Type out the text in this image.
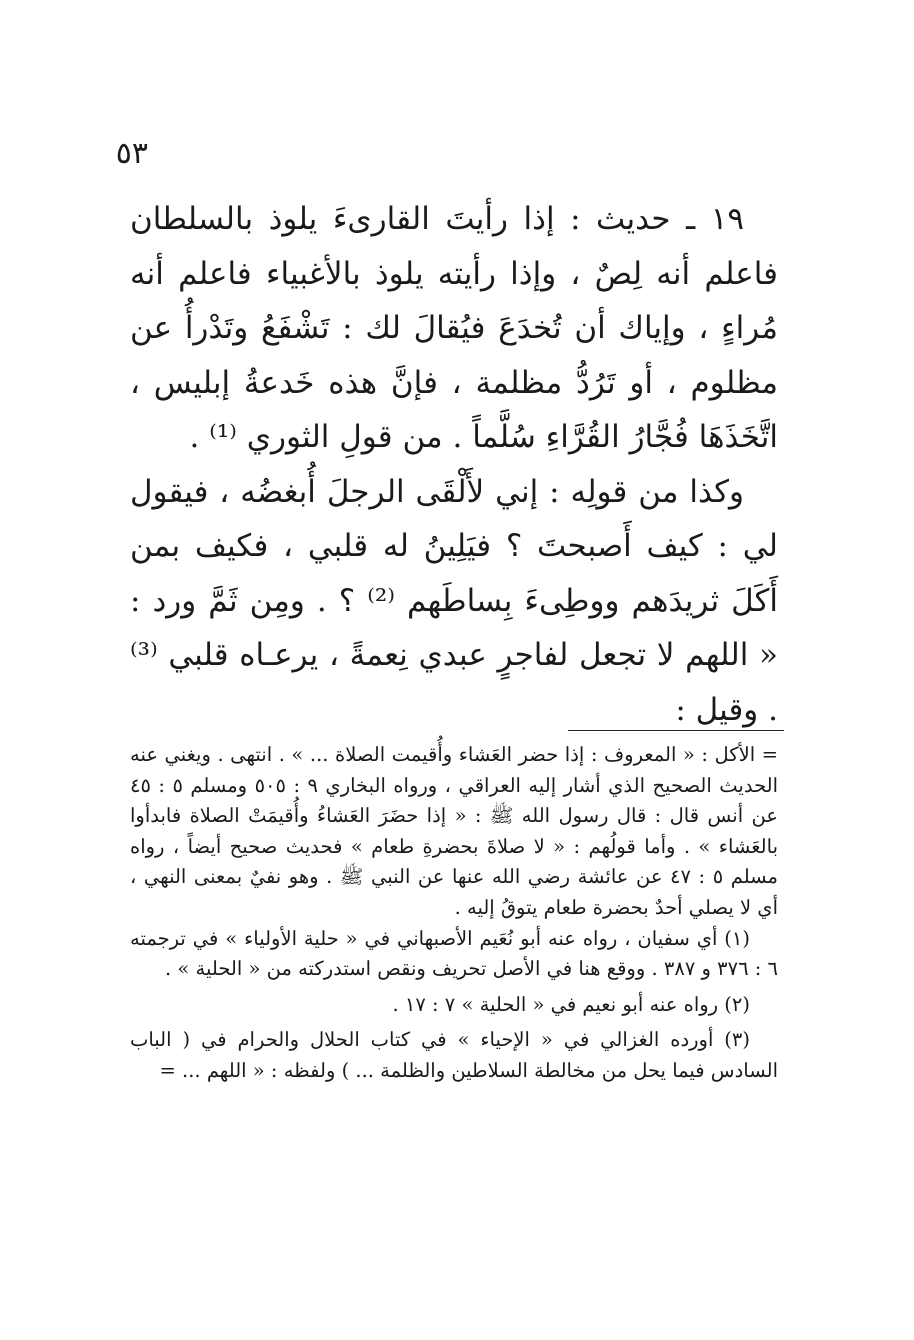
٥٣

١٩ ـ حديث : إذا رأيتَ القارىءَ يلوذ بالسلطان فاعلم أنه لِصٌ ، وإذا رأيته يلوذ بالأغبياء فاعلم أنه مُراءٍ ، وإياك أن تُخدَعَ فيُقالَ لك : تَشْفَعُ وتَدْرأُ عن مظلوم ، أو تَرُدُّ مظلمة ، فإنَّ هذه خَدعةُ إبليس ، اتَّخَذَهَا فُجَّارُ القُرَّاءِ سُلَّماً . من قولِ الثوري ⁽¹⁾ .

وكذا من قولِه : إني لأَلْقَى الرجلَ أُبغضُه ، فيقول لي : كيف أَصبحتَ ؟ فيَلِينُ له قلبي ، فكيف بمن أَكَلَ ثريدَهم ووطِىءَ بِساطَهم ⁽²⁾ ؟ . ومِن ثَمَّ ورد : « اللهم لا تجعل لفاجرٍ عبدي نِعمةً ، يرعـاه قلبي ⁽³⁾ . وقيل :

= الأكل : « المعروف : إذا حضر العَشاء وأُقيمت الصلاة ... » . انتهى . ويغني عنه الحديث الصحيح الذي أشار إليه العراقي ، ورواه البخاري ٩ : ٥٠٥ ومسلم ٥ : ٤٥ عن أنس قال : قال رسول الله ﷺ : « إذا حضَرَ العَشاءُ وأُقيمَتْ الصلاة فابدأوا بالعَشاء » . وأما قولُهم : « لا صلاةَ بحضرةِ طعام » فحديث صحيح أيضاً ، رواه مسلم ٥ : ٤٧ عن عائشة رضي الله عنها عن النبي ﷺ . وهو نفيٌ بمعنى النهي ، أي لا يصلي أحدٌ بحضرة طعام يتوقُ إليه .

(١) أي سفيان ، رواه عنه أبو نُعَيم الأصبهاني في « حلية الأولياء » في ترجمته ٦ : ٣٧٦ و ٣٨٧ . ووقع هنا في الأصل تحريف ونقص استدركته من « الحلية » .

(٢) رواه عنه أبو نعيم في « الحلية » ٧ : ١٧ .

(٣) أورده الغزالي في « الإحياء » في كتاب الحلال والحرام في ( الباب السادس فيما يحل من مخالطة السلاطين والظلمة ... ) ولفظه : « اللهم ... =
